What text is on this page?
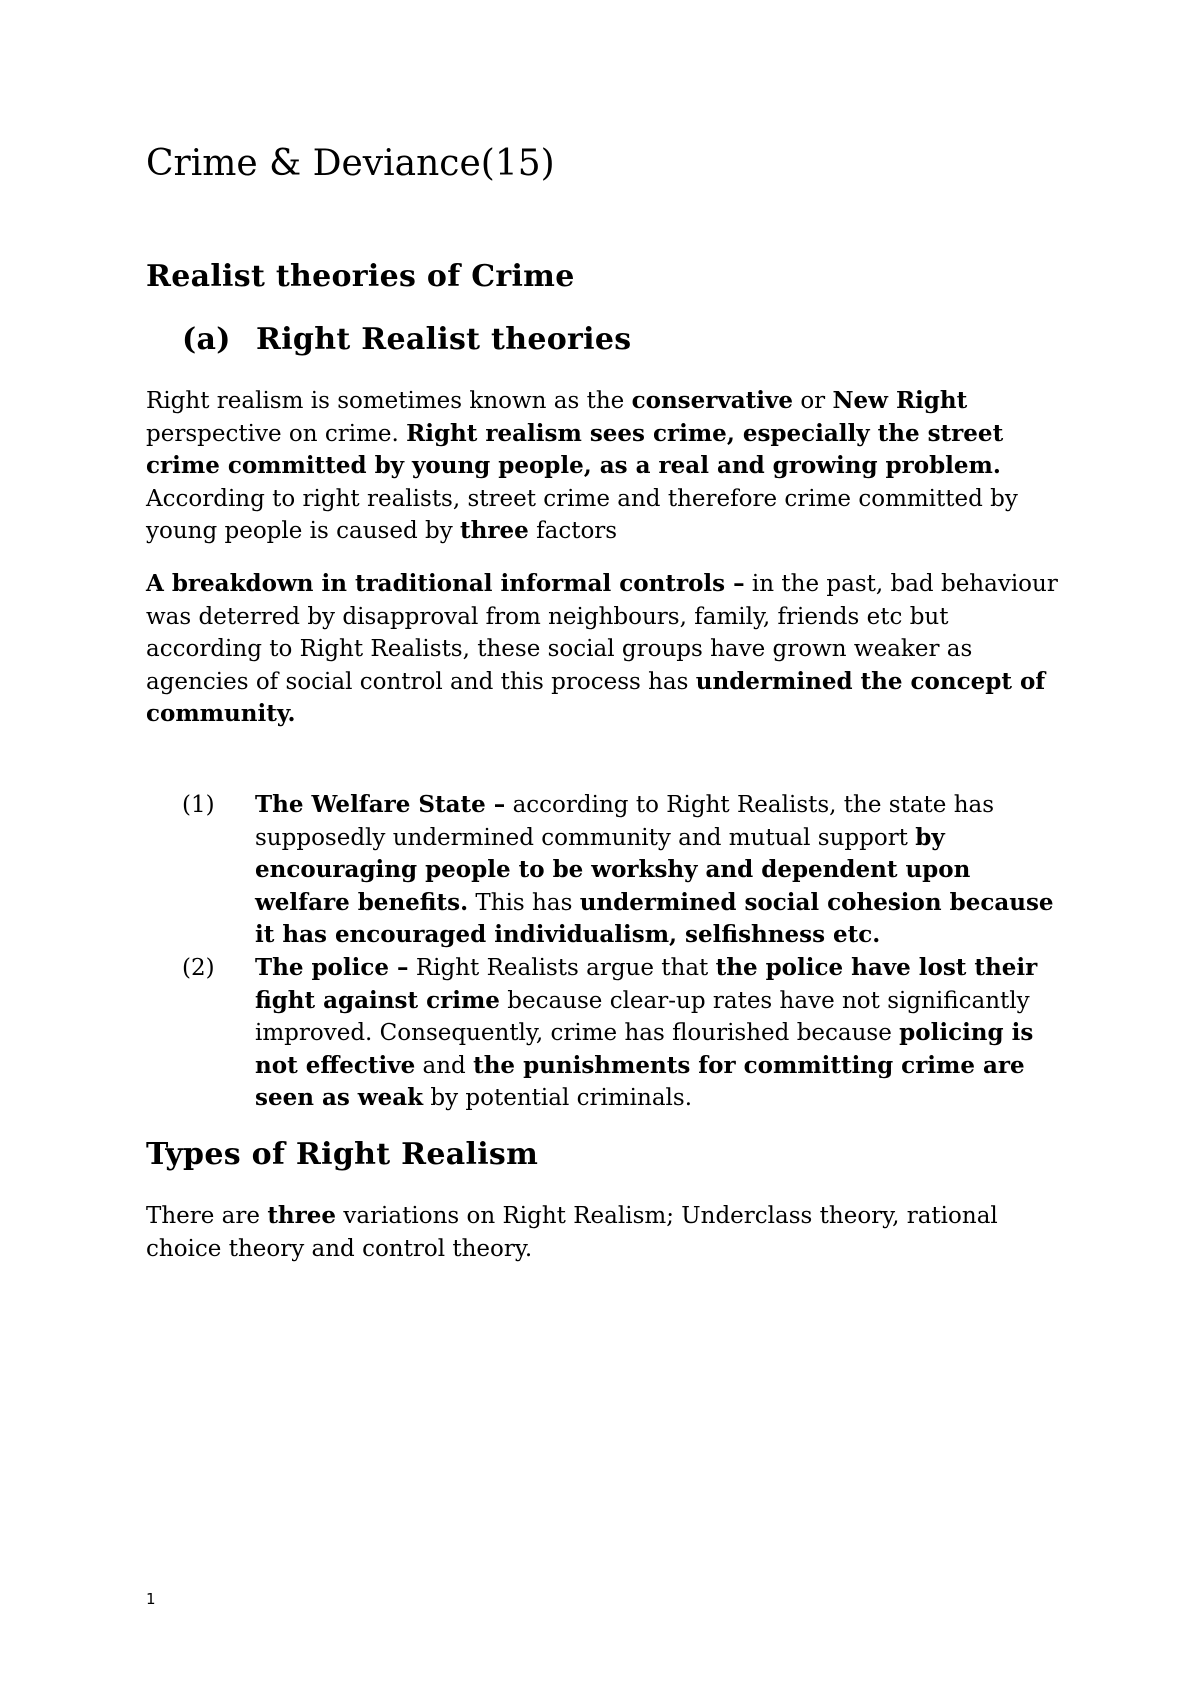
Crime & Deviance(15)
Realist theories of Crime
(a) Right Realist theories

Right realism is sometimes known as the conservative or New Right perspective on crime. Right realism sees crime, especially the street crime committed by young people, as a real and growing problem. According to right realists, street crime and therefore crime committed by young people is caused by three factors

A breakdown in traditional informal controls – in the past, bad behaviour was deterred by disapproval from neighbours, family, friends etc but according to Right Realists, these social groups have grown weaker as agencies of social control and this process has undermined the concept of community.

(1) The Welfare State – according to Right Realists, the state has supposedly undermined community and mutual support by encouraging people to be workshy and dependent upon welfare benefits. This has undermined social cohesion because it has encouraged individualism, selfishness etc.
(2) The police – Right Realists argue that the police have lost their fight against crime because clear-up rates have not significantly improved. Consequently, crime has flourished because policing is not effective and the punishments for committing crime are seen as weak by potential criminals.
Types of Right Realism

There are three variations on Right Realism; Underclass theory, rational choice theory and control theory.

1
